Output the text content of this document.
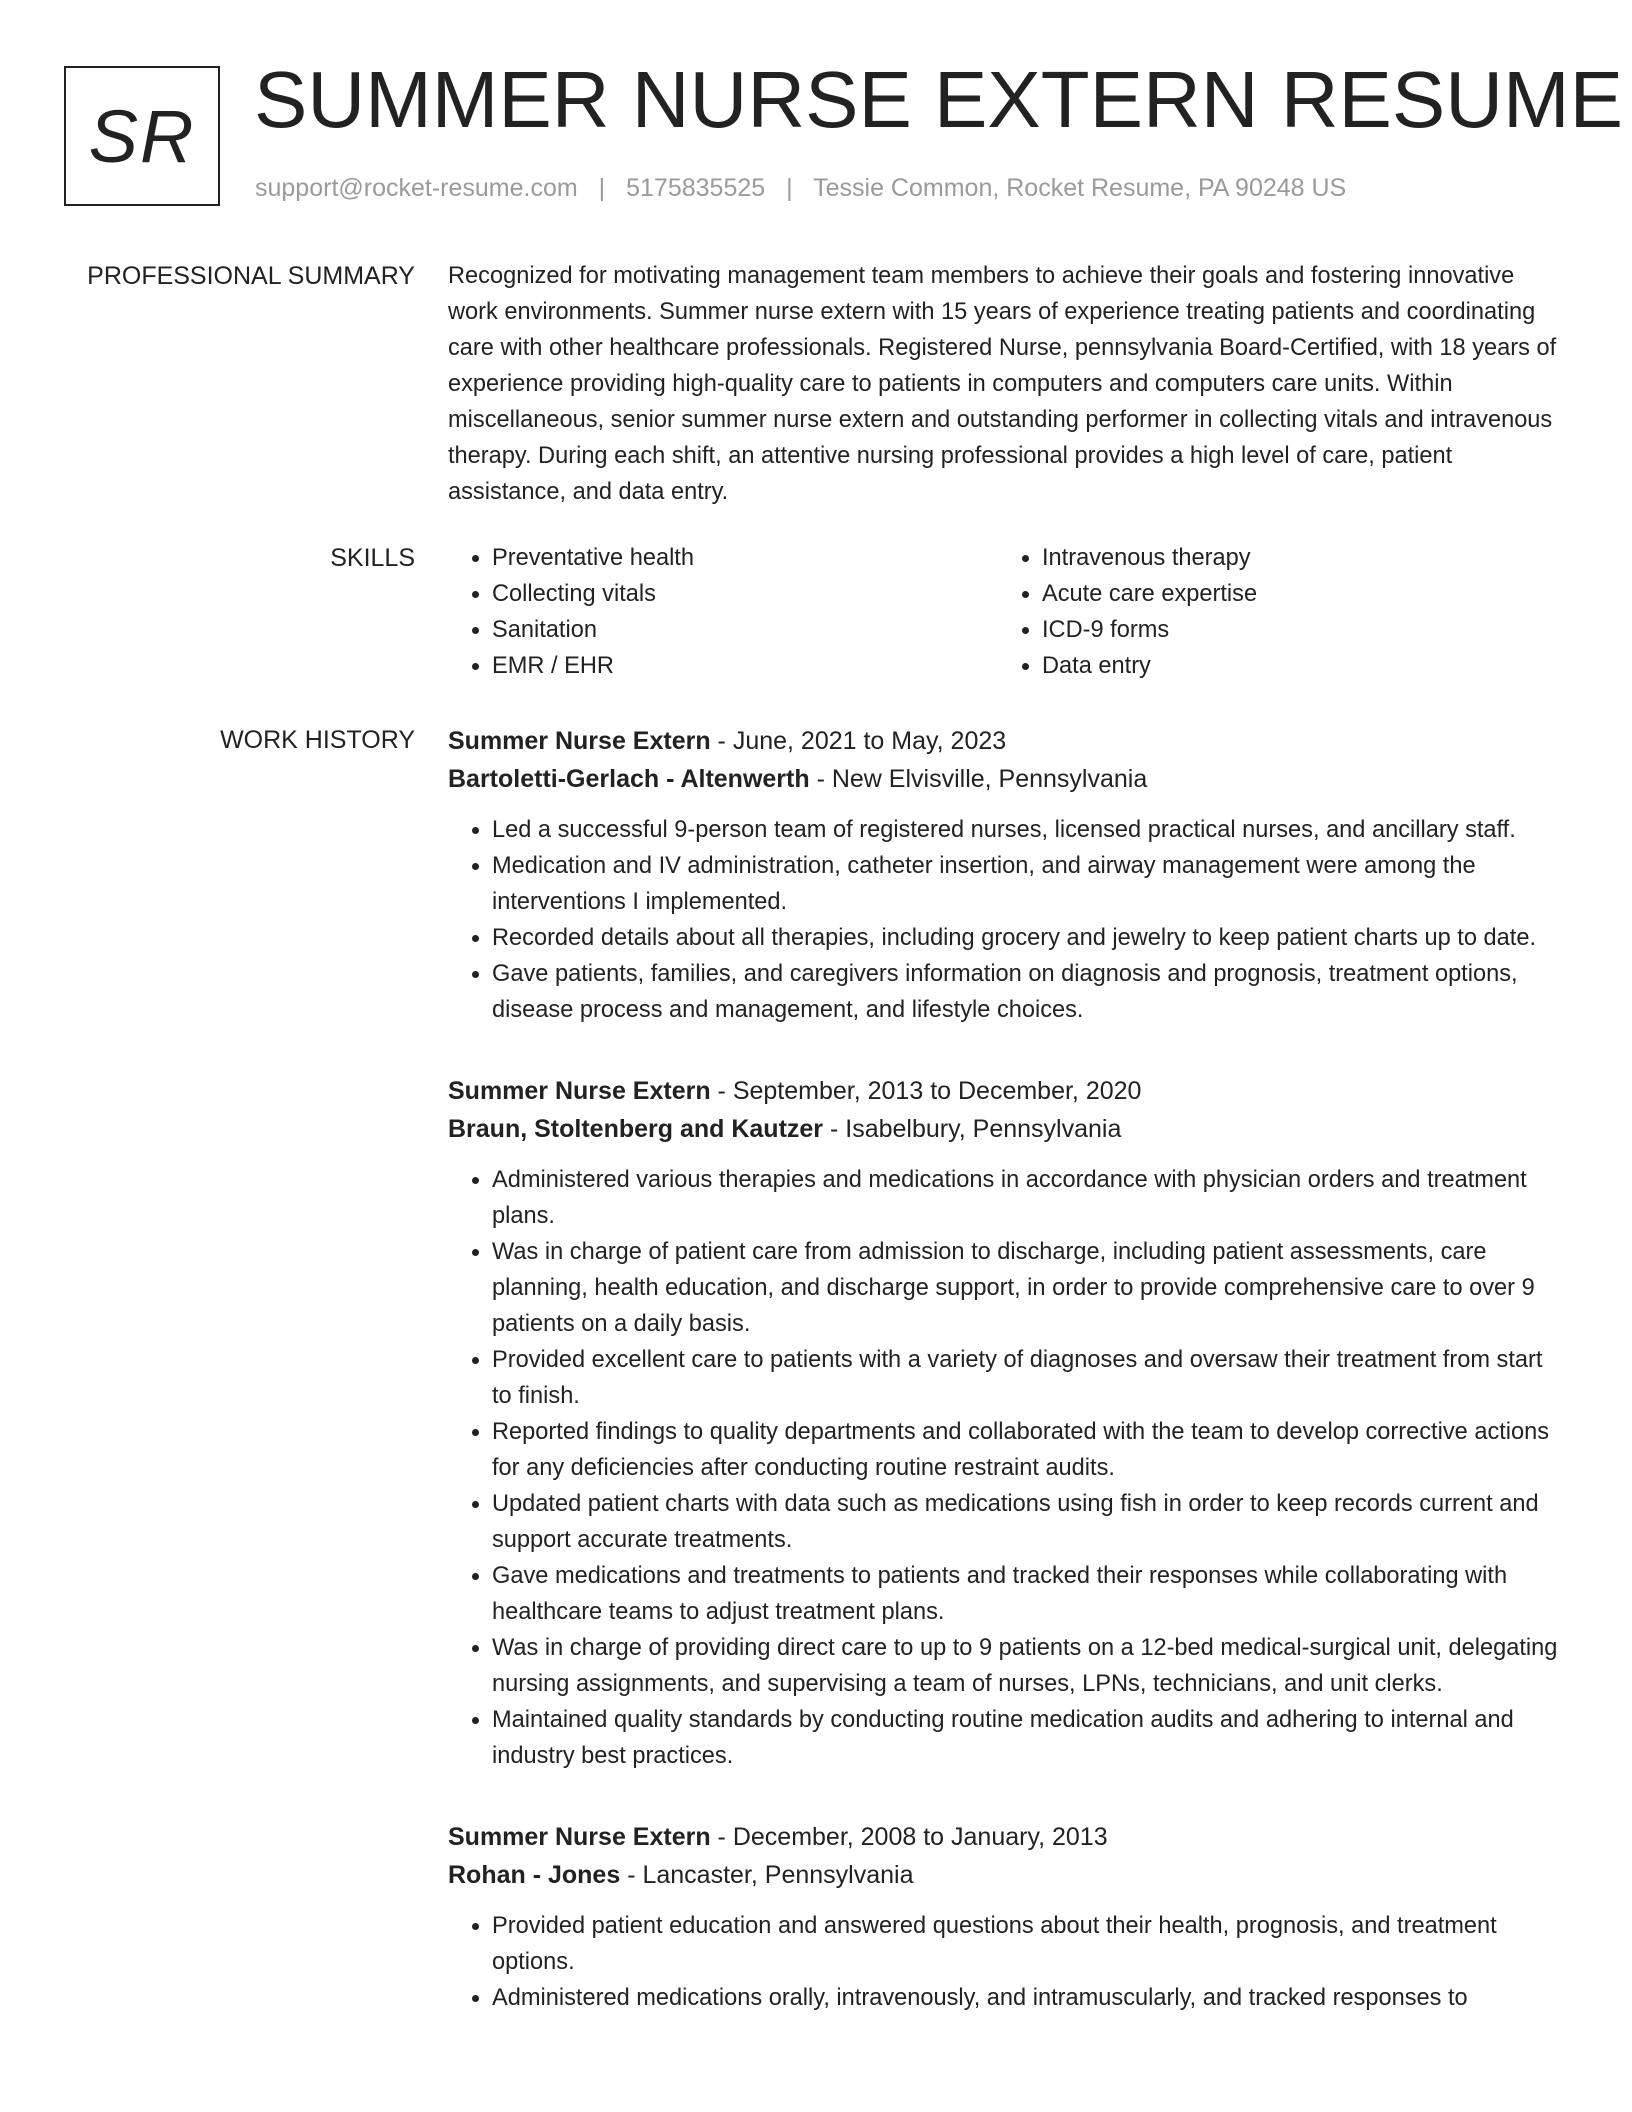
SR SUMMER NURSE EXTERN RESUME
support@rocket-resume.com | 5175835525 | Tessie Common, Rocket Resume, PA 90248 US
PROFESSIONAL SUMMARY Recognized for motivating management team members to achieve their goals and fostering innovative work environments. Summer nurse extern with 15 years of experience treating patients and coordinating care with other healthcare professionals. Registered Nurse, pennsylvania Board-Certified, with 18 years of experience providing high-quality care to patients in computers and computers care units. Within miscellaneous, senior summer nurse extern and outstanding performer in collecting vitals and intravenous therapy. During each shift, an attentive nursing professional provides a high level of care, patient assistance, and data entry.

SKILLS
•	Preventative health
• Collecting vitals
• Sanitation
• EMR / EHR
• Intravenous therapy
• Acute care expertise
• ICD-9 forms
• Data entry
WORK HISTORY Summer Nurse Extern - June, 2021 to May, 2023
Bartoletti-Gerlach - Altenwerth - New Elvisville, Pennsylvania
• Led a successful 9-person team of registered nurses, licensed practical nurses, and ancillary staff.
• Medication and IV administration, catheter insertion, and airway management were among the interventions I implemented.
• Recorded details about all therapies, including grocery and jewelry to keep patient charts up to date.
• Gave patients, families, and caregivers information on diagnosis and prognosis, treatment options, disease process and management, and lifestyle choices.
Summer Nurse Extern - September, 2013 to December, 2020
Braun, Stoltenberg and Kautzer - Isabelbury, Pennsylvania
• Administered various therapies and medications in accordance with physician orders and treatment plans.
• Was in charge of patient care from admission to discharge, including patient assessments, care planning, health education, and discharge support, in order to provide comprehensive care to over 9 patients on a daily basis.
• Provided excellent care to patients with a variety of diagnoses and oversaw their treatment from start to finish.
• Reported findings to quality departments and collaborated with the team to develop corrective actions for any deficiencies after conducting routine restraint audits.
• Updated patient charts with data such as medications using fish in order to keep records current and support accurate treatments.
• Gave medications and treatments to patients and tracked their responses while collaborating with healthcare teams to adjust treatment plans.
• Was in charge of providing direct care to up to 9 patients on a 12-bed medical-surgical unit, delegating nursing assignments, and supervising a team of nurses, LPNs, technicians, and unit clerks.
• Maintained quality standards by conducting routine medication audits and adhering to internal and industry best practices.
Summer Nurse Extern - December, 2008 to January, 2013
Rohan - Jones - Lancaster, Pennsylvania
• Provided patient education and answered questions about their health, prognosis, and treatment options.
• Administered medications orally, intravenously, and intramuscularly, and tracked responses to
